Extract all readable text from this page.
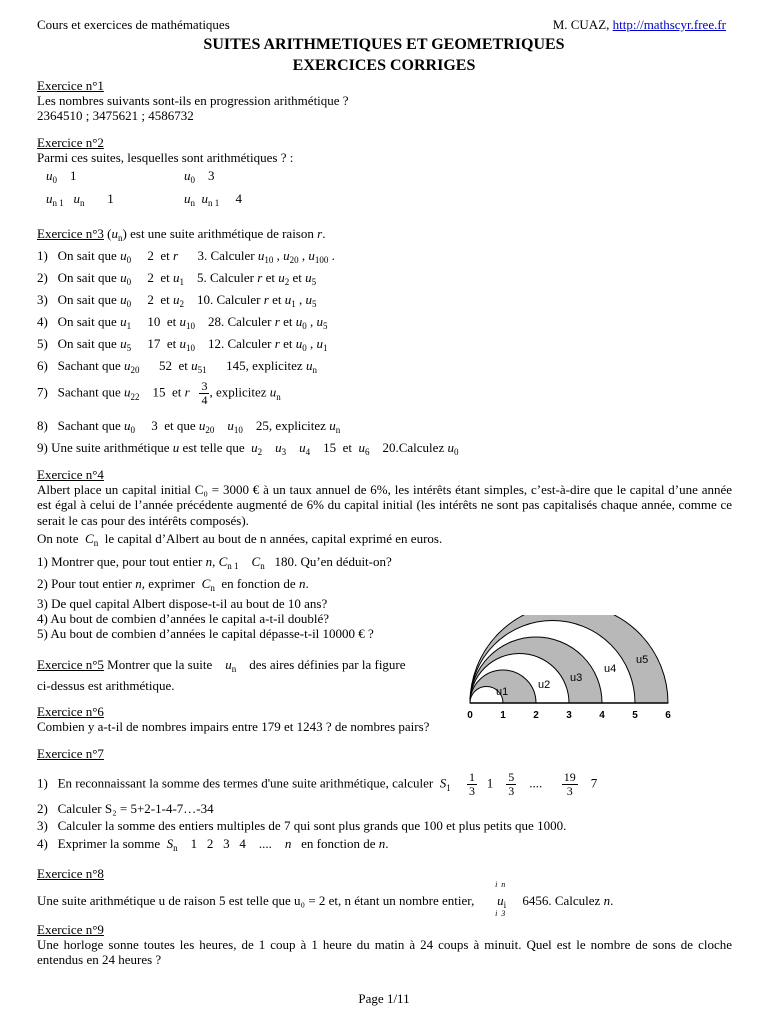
Cours et exercices de mathématiques	M. CUAZ, http://mathscyr.free.fr
SUITES ARITHMETIQUES ET GEOMETRIQUES
EXERCICES CORRIGES
Exercice n°1
Les nombres suivants sont-ils en progression arithmétique ?
2364510 ; 3475621 ; 4586732
Exercice n°2
Parmi ces suites, lesquelles sont arithmétiques ? :
$u_0$ 1
$u_{n 1}$ $u_n$ 1
$u_0$ 3
$u_n$ $u_{n 1}$ 4
Exercice n°3 $(u_n)$ est une suite arithmétique de raison r.
1) On sait que $u_0$     2  et r      3. Calculer $u_{10}$ , $u_{20}$ , $u_{100}$ .
2) On sait que $u_0$     2  et $u_1$    5. Calculer r et $u_2$ et $u_5$
3) On sait que $u_0$     2  et $u_2$    10. Calculer r et $u_1$ , $u_5$
4) On sait que $u_1$     10  et $u_{10}$    28. Calculer r et $u_0$ , $u_5$
5) On sait que $u_5$     17  et $u_{10}$    12. Calculer r et $u_0$ , $u_1$
6) Sachant que $u_{20}$      52  et $u_{51}$      145, explicitez $u_n$
7) Sachant que $u_{22}$    15  et r $\frac{3}{4}$ , explicitez $u_n$
8) Sachant que $u_0$     3  et que $u_{20}$ $u_{10}$    25, explicitez $u_n$
9) Une suite arithmétique u est telle que $u_2$ $u_3$ $u_4$    15  et  $u_6$    20.Calculez $u_0$
Exercice n°4
Albert place un capital initial C₀ = 3000 € à un taux annuel de 6%, les intérêts étant simples, c’est-à-dire que le capital d’une année est égal à celui de l’année précédente augmenté de 6% du capital initial (les intérêts ne sont pas capitalisés chaque année, comme ce serait le cas pour des intérêts composés).
On note $C_n$ le capital d’Albert au bout de n années, capital exprimé en euros.
1) Montrer que, pour tout entier n, $C_{n 1}$ $C_n$   180. Qu’en déduit-on?
2) Pour tout entier n, exprimer $C_n$ en fonction de n.
3) De quel capital Albert dispose-t-il au bout de 10 ans?
4) Au bout de combien d’années le capital a-t-il doublé?
5) Au bout de combien d’années le capital dépasse-t-il 10000 € ?
Exercice n°5 Montrer que la suite $u_n$ des aires définies par la figure
ci-dessus est arithmétique.
0	1	2	3	4	5	6
u1
u2
u3
u4
u5
Exercice n°6
Combien y a-t-il de nombres impairs entre 179 et 1243 ? de nombres pairs?
Exercice n°7
1)   En reconnaissant la somme des termes d'une suite arithmétique, calculer $S_1 \frac{1}{3} 1 \frac{5}{3}$ .... $\frac{19}{3} 7$
2)   Calculer S₂ = 5+2-1-4-7…-34
3)   Calculer la somme des entiers multiples de 7 qui sont plus grands que 100 et plus petits que 1000.
4)   Exprimer la somme $S_n$    1   2   3   4    ....    n en fonction de n.
Exercice n°8
Une suite arithmétique u de raison 5 est telle que u₀ = 2 et, n étant un nombre entier,
i  n
$u_i$
i  3
6456. Calculez n.
Exercice n°9
Une horloge sonne toutes les heures, de 1 coup à 1 heure du matin à 24 coups à minuit. Quel est le nombre de sons de cloche entendus en 24 heures ?
Page 1/11
